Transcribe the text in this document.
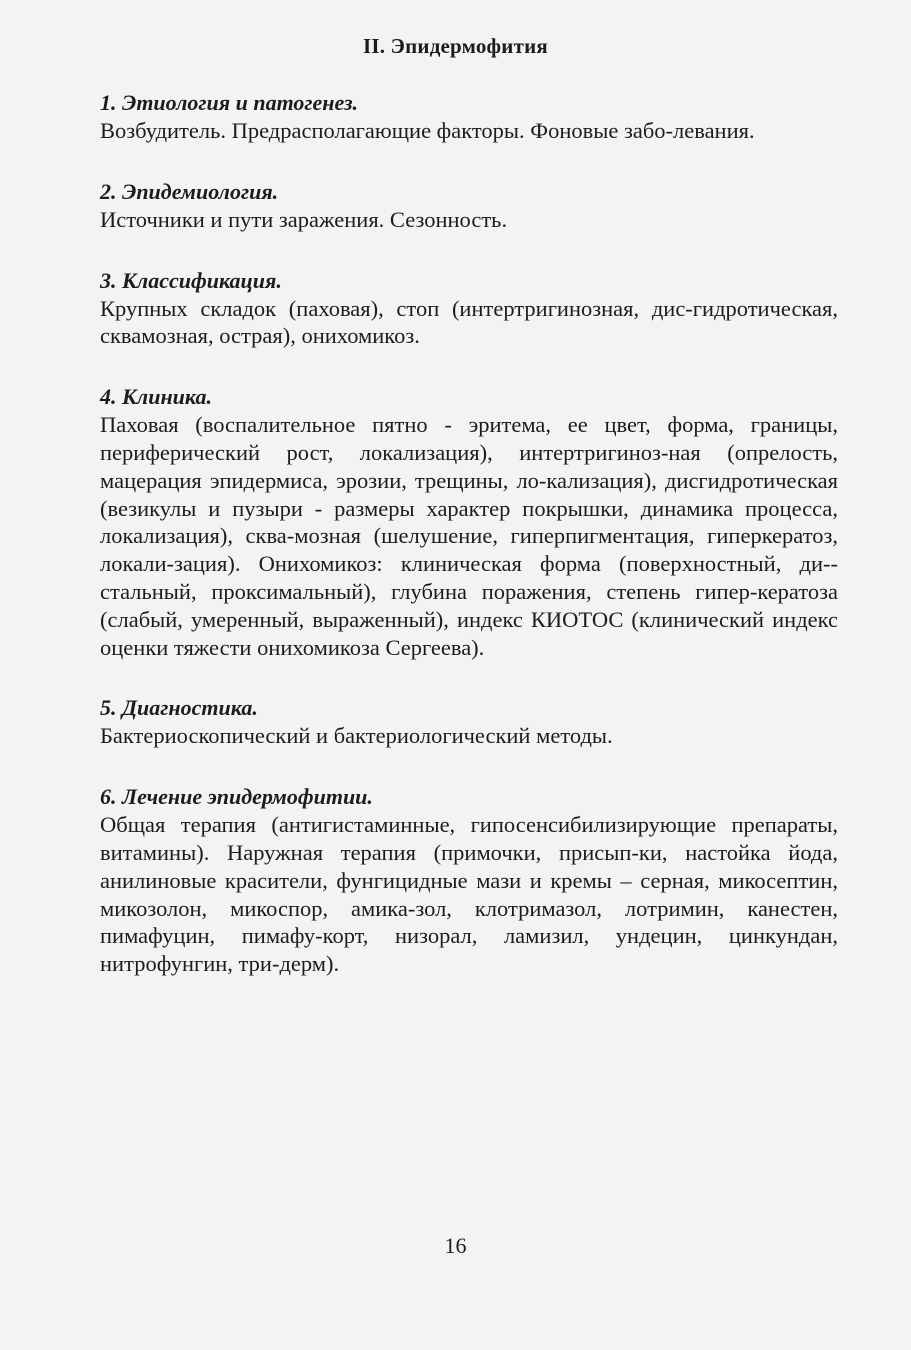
II. Эпидермофития

1. Этиология и патогенез.

Возбудитель. Предрасполагающие факторы. Фоновые забо-левания.

2. Эпидемиология.

Источники и пути заражения. Сезонность.

3. Классификация.

Крупных складок (паховая), стоп (интертригинозная, дис-гидротическая, сквамозная, острая), онихомикоз.

4. Клиника.

Паховая (воспалительное пятно - эритема, ее цвет, форма, границы, периферический рост, локализация), интертригиноз-ная (опрелость, мацерация эпидермиса, эрозии, трещины, ло-кализация), дисгидротическая (везикулы и пузыри - размеры характер покрышки, динамика процесса, локализация), сква-мозная (шелушение, гиперпигментация, гиперкератоз, локали-зация). Онихомикоз: клиническая форма (поверхностный, ди-стальный, проксимальный), глубина поражения, степень гипер-кератоза (слабый, умеренный, выраженный), индекс КИОТОС (клинический индекс оценки тяжести онихомикоза Сергеева).

5. Диагностика.

Бактериоскопический и бактериологический методы.

6. Лечение эпидермофитии.

Общая терапия (антигистаминные, гипосенсибилизирующие препараты, витамины). Наружная терапия (примочки, присып-ки, настойка йода, анилиновые красители, фунгицидные мази и кремы – серная, микосептин, микозолон, микоспор, амика-зол, клотримазол, лотримин, канестен, пимафуцин, пимафу-корт, низорал, ламизил, ундецин, цинкундан, нитрофунгин, три-дерм).

16
